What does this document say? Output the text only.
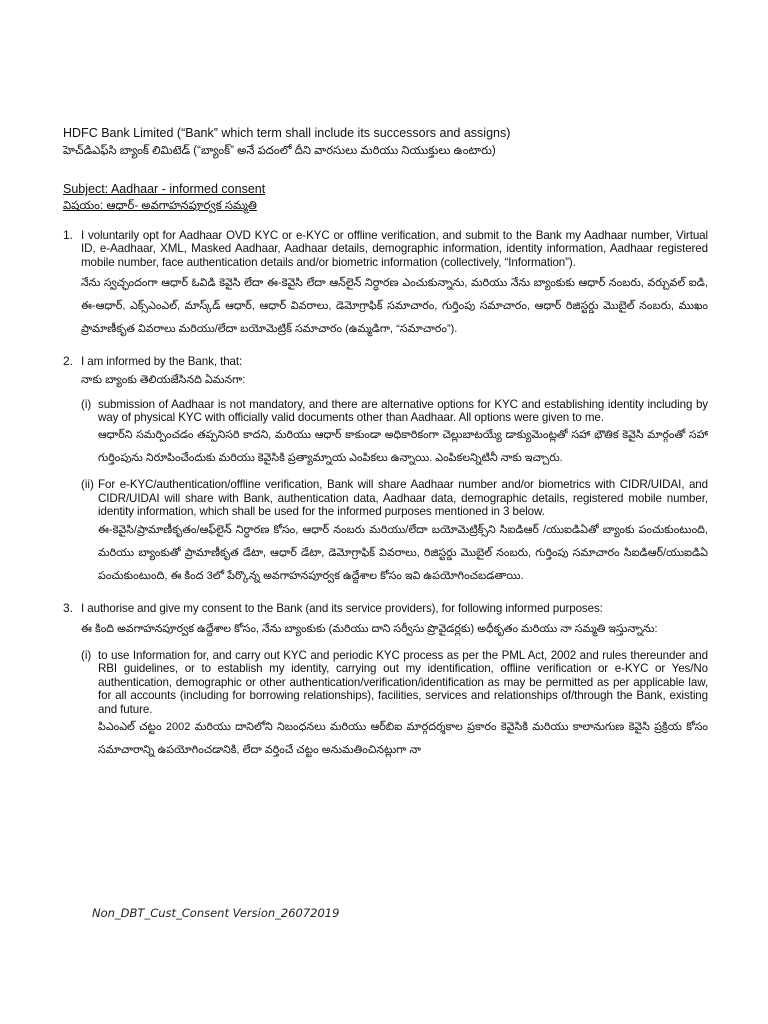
HDFC Bank Limited (“Bank” which term shall include its successors and assigns)
హెచ్‌డిఎఫ్‌సి బ్యాంక్ లిమిటెడ్ (“బ్యాంక్” అనే పదంలో దీని వారసులు మరియు నియుక్తులు ఉంటారు)
Subject: Aadhaar - informed consent
విషయం: ఆధార్- అవగాహనపూర్వక సమ్మతి
1. I voluntarily opt for Aadhaar OVD KYC or e-KYC or offline verification, and submit to the Bank my Aadhaar number, Virtual ID, e-Aadhaar, XML, Masked Aadhaar, Aadhaar details, demographic information, identity information, Aadhaar registered mobile number, face authentication details and/or biometric information (collectively, “Information”).

నేను స్వచ్ఛందంగా ఆధార్ ఓవిడి కెవైసి లేదా ఈ-కెవైసి లేదా ఆన్‌లైన్ నిర్ధారణ ఎంచుకున్నాను, మరియు నేను బ్యాంకుకు ఆధార్ నంబరు, వర్చువల్ ఐడి, ఈ-ఆధార్, ఎక్స్‌ఎంఎల్, మాస్క్‌డ్ ఆధార్, ఆధార్ వివరాలు, డెమోగ్రాఫిక్ సమాచారం, గుర్తింపు సమాచారం, ఆధార్ రిజిస్టర్డు మొబైల్ నంబరు, ముఖం ప్రామాణీకృత వివరాలు మరియు/లేదా బయోమెట్రిక్ సమాచారం (ఉమ్మడిగా, “సమాచారం”).

2. I am informed by the Bank, that:

నాకు బ్యాంకు తెలియజేసినది ఏమనగా:

(i) submission of Aadhaar is not mandatory, and there are alternative options for KYC and establishing identity including by way of physical KYC with officially valid documents other than Aadhaar. All options were given to me.

ఆధార్‌ని సమర్పించడం తప్పనిసరి కాదని, మరియు ఆధార్ కాకుండా అధికారికంగా చెల్లుబాటయ్యే డాక్యుమెంట్లతో సహా భౌతిక కెవైసి మార్గంతో సహా గుర్తింపును నిరూపించేందుకు మరియు కెవైసికి ప్రత్యామ్నాయ ఎంపికలు ఉన్నాయి. ఎంపికలన్నిటినీ నాకు ఇచ్చారు.

(ii) For e-KYC/authentication/offline verification, Bank will share Aadhaar number and/or biometrics with CIDR/UIDAI, and CIDR/UIDAI will share with Bank, authentication data, Aadhaar data, demographic details, registered mobile number, identity information, which shall be used for the informed purposes mentioned in 3 below.

ఈ-కెవైసి/ప్రామాణీకృతం/ఆఫ్‌లైన్ నిర్ధారణ కోసం, ఆధార్ నంబరు మరియు/లేదా బయోమెట్రిక్స్‌ని సిఐడిఆర్ /యుఐడిఏతో బ్యాంకు పంచుకుంటుంది, మరియు బ్యాంకుతో ప్రామాణీకృత డేటా, ఆధార్ డేటా, డెమోగ్రాఫిక్ వివరాలు, రిజిస్టర్డు మొబైల్ నంబరు, గుర్తింపు సమాచారం సిఐడిఆర్/యుఐడిఏ పంచుకుంటుంది, ఈ కింద 3లో పేర్కొన్న అవగాహనపూర్వక ఉద్దేశాల కోసం ఇవి ఉపయోగించబడతాయి.

3. I authorise and give my consent to the Bank (and its service providers), for following informed purposes:

ఈ కింది అవగాహనపూర్వక ఉద్దేశాల కోసం, నేను బ్యాంకుకు (మరియు దాని సర్వీసు ప్రొవైడర్లకు) అధీకృతం మరియు నా సమ్మతి ఇస్తున్నాను:

(i) to use Information for, and carry out KYC and periodic KYC process as per the PML Act, 2002 and rules thereunder and RBI guidelines, or to establish my identity, carrying out my identification, offline verification or e-KYC or Yes/No authentication, demographic or other authentication/verification/identification as may be permitted as per applicable law, for all accounts (including for borrowing relationships), facilities, services and relationships of/through the Bank, existing and future.

పిఎంఎల్ చట్టం 2002 మరియు దానిలోని నిబంధనలు మరియు ఆర్‌బిఐ మార్గదర్శకాల ప్రకారం కెవైసికి మరియు కాలానుగుణ కెవైసి ప్రక్రియ కోసం సమాచారాన్ని ఉపయోగించడానికి, లేదా వర్తించే చట్టం అనుమతించినట్లుగా నా

Non_DBT_Cust_Consent Version_26072019
